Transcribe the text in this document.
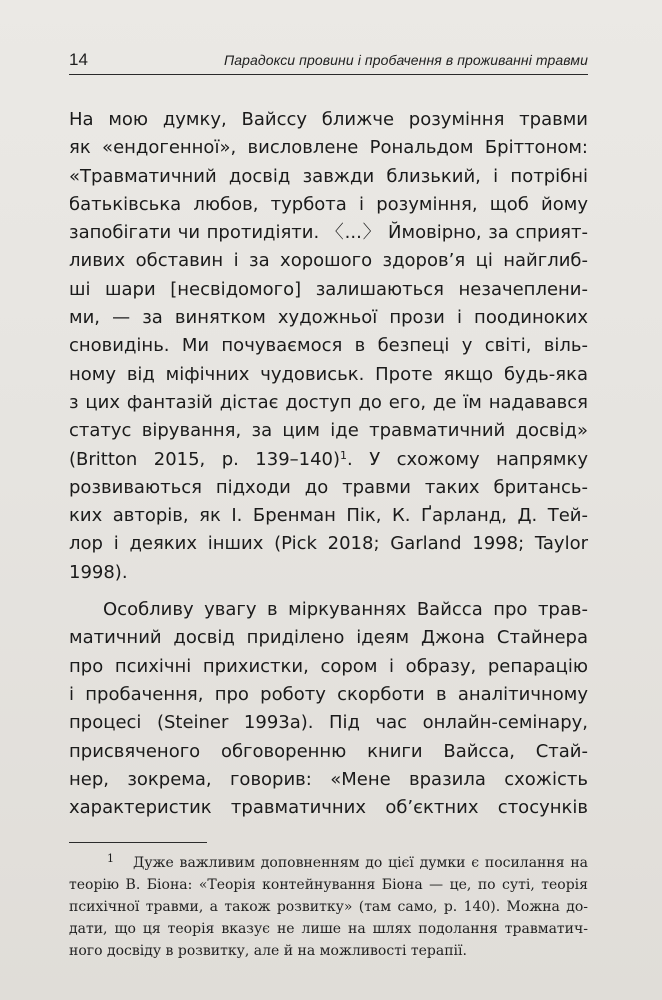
14	Парадокси провини і пробачення в проживанні травми

На мою думку, Вайссу ближче розуміння травми
як «ендогенної», висловлене Рональдом Бріттоном:
«Травматичний досвід завжди близький, і потрібні
батьківська любов, турбота і розуміння, щоб йому
запобігати чи протидіяти. 〈...〉 Ймовірно, за сприят-
ливих обставин і за хорошого здоров’я ці найглиб-
ші шари [несвідомого] залишаються незачеплени-
ми, — за винятком художньої прози і поодиноких
сновидінь. Ми почуваємося в безпеці у світі, віль-
ному від міфічних чудовиськ. Проте якщо будь-яка
з цих фантазій дістає доступ до его, де їм надавався
статус вірування, за цим іде травматичний досвід»
(Britton 2015, p. 139–140)$^1$. У схожому напрямку
розвиваються підходи до травми таких британсь-
ких авторів, як І. Бренман Пік, К. Ґарланд, Д. Тей-
лор і деяких інших (Pick 2018; Garland 1998; Taylor
1998).

Особливу увагу в міркуваннях Вайсса про трав-
матичний досвід приділено ідеям Джона Стайнера
про психічні прихистки, сором і образу, репарацію
і пробачення, про роботу скорботи в аналітичному
процесі (Steiner 1993a). Під час онлайн-семінару,
присвяченого обговоренню книги Вайсса, Стай-
нер, зокрема, говорив: «Мене вразила схожість
характеристик травматичних об’єктних стосунків

1 Дуже важливим доповненням до цієї думки є посилання на
теорію В. Біона: «Теорія контейнування Біона — це, по суті, теорія
психічної травми, а також розвитку» (там само, p. 140). Можна до-
дати, що ця теорія вказує не лише на шлях подолання травматич-
ного досвіду в розвитку, але й на можливості терапії.
